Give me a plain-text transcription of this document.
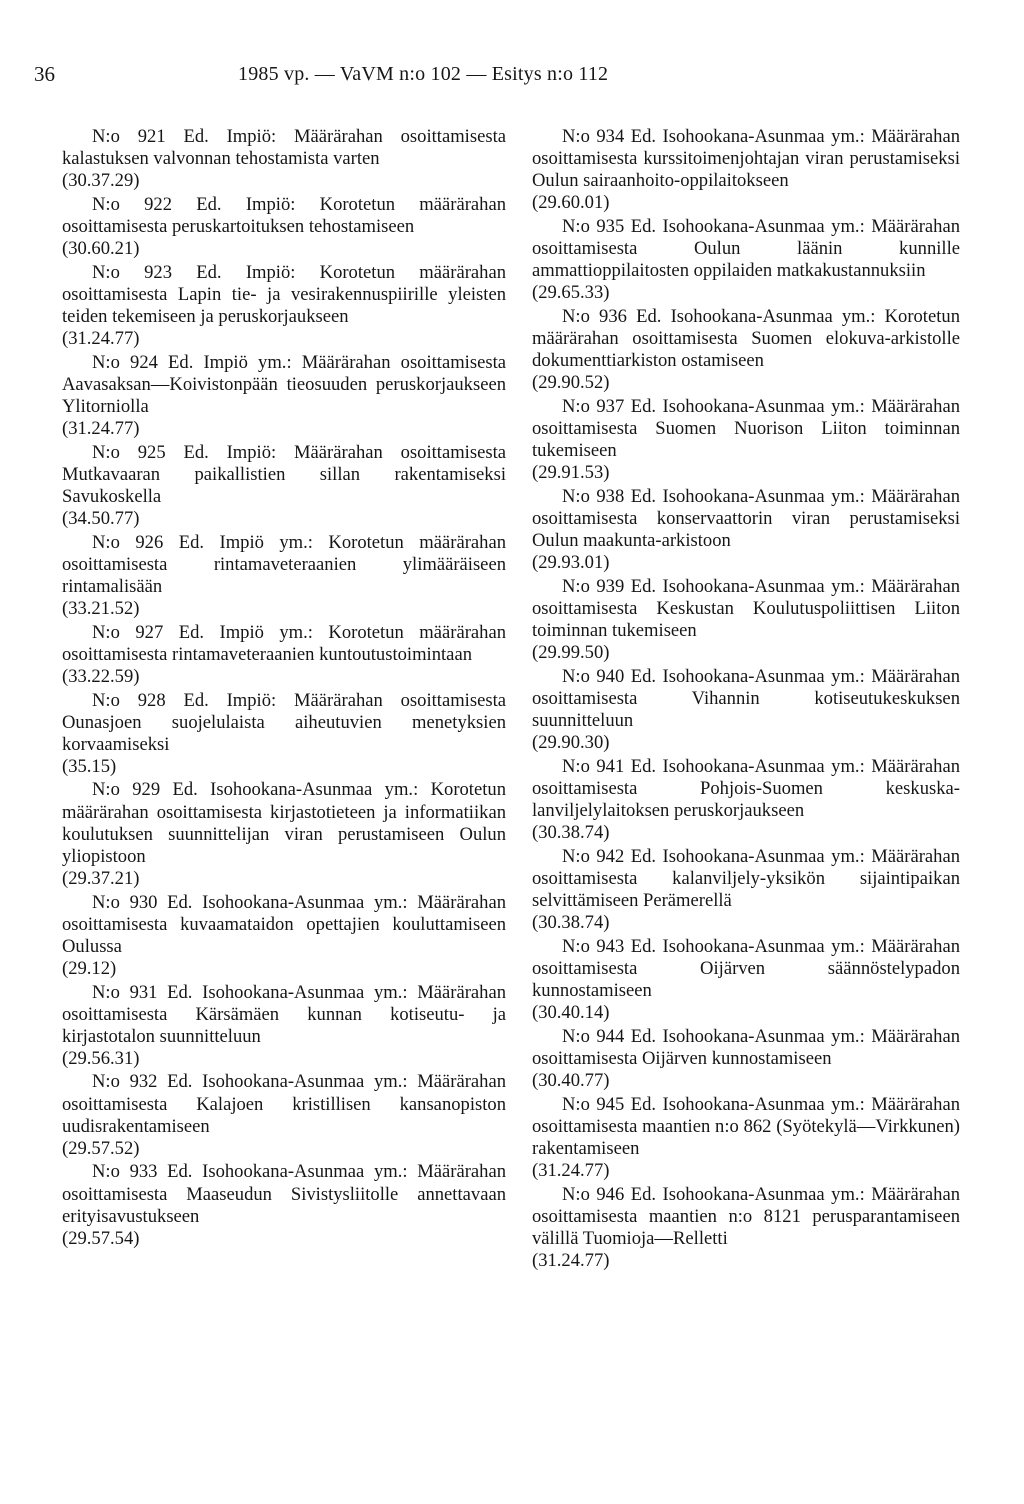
36	1985 vp. — VaVM n:o 102 — Esitys n:o 112

N:o 921 Ed. Impiö: Määrärahan osoittamisesta kalastuksen valvonnan tehostamista varten
(30.37.29)

N:o 922 Ed. Impiö: Korotetun määrärahan osoittamisesta peruskartoituksen tehostamiseen
(30.60.21)

N:o 923 Ed. Impiö: Korotetun määrärahan osoittamisesta Lapin tie- ja vesirakennuspiirille yleisten teiden tekemiseen ja peruskorjaukseen
(31.24.77)

N:o 924 Ed. Impiö ym.: Määrärahan osoittamisesta Aavasaksan—Koivistonpään tieosuuden peruskorjaukseen Ylitorniolla
(31.24.77)

N:o 925 Ed. Impiö: Määrärahan osoittamisesta Mutkavaaran paikallistien sillan rakentamiseksi Savukoskella
(34.50.77)

N:o 926 Ed. Impiö ym.: Korotetun määrärahan osoittamisesta rintamaveteraanien ylimääräiseen rintamalisään
(33.21.52)

N:o 927 Ed. Impiö ym.: Korotetun määrärahan osoittamisesta rintamaveteraanien kuntoutustoimintaan
(33.22.59)

N:o 928 Ed. Impiö: Määrärahan osoittamisesta Ounasjoen suojelulaista aiheutuvien menetyksien korvaamiseksi
(35.15)

N:o 929 Ed. Isohookana-Asunmaa ym.: Korotetun määrärahan osoittamisesta kirjastotieteen ja informatiikan koulutuksen suunnittelijan viran perustamiseen Oulun yliopistoon
(29.37.21)

N:o 930 Ed. Isohookana-Asunmaa ym.: Määrärahan osoittamisesta kuvaamataidon opettajien kouluttamiseen Oulussa
(29.12)

N:o 931 Ed. Isohookana-Asunmaa ym.: Määrärahan osoittamisesta Kärsämäen kunnan kotiseutu- ja kirjastotalon suunnitteluun
(29.56.31)

N:o 932 Ed. Isohookana-Asunmaa ym.: Määrärahan osoittamisesta Kalajoen kristillisen kansanopiston uudisrakentamiseen
(29.57.52)

N:o 933 Ed. Isohookana-Asunmaa ym.: Määrärahan osoittamisesta Maaseudun Sivistysliitolle annettavaan erityisavustukseen
(29.57.54)

N:o 934 Ed. Isohookana-Asunmaa ym.: Määrärahan osoittamisesta kurssitoimenjohtajan viran perustamiseksi Oulun sairaanhoito-oppilaitokseen
(29.60.01)

N:o 935 Ed. Isohookana-Asunmaa ym.: Määrärahan osoittamisesta Oulun läänin kunnille ammattioppilaitosten oppilaiden matkakustannuksiin
(29.65.33)

N:o 936 Ed. Isohookana-Asunmaa ym.: Korotetun määrärahan osoittamisesta Suomen elokuva-arkistolle dokumenttiarkiston ostamiseen
(29.90.52)

N:o 937 Ed. Isohookana-Asunmaa ym.: Määrärahan osoittamisesta Suomen Nuorison Liiton toiminnan tukemiseen
(29.91.53)

N:o 938 Ed. Isohookana-Asunmaa ym.: Määrärahan osoittamisesta konservaattorin viran perustamiseksi Oulun maakunta-arkistoon
(29.93.01)

N:o 939 Ed. Isohookana-Asunmaa ym.: Määrärahan osoittamisesta Keskustan Koulutuspoliittisen Liiton toiminnan tukemiseen
(29.99.50)

N:o 940 Ed. Isohookana-Asunmaa ym.: Määrärahan osoittamisesta Vihannin kotiseutukeskuksen suunnitteluun
(29.90.30)

N:o 941 Ed. Isohookana-Asunmaa ym.: Määrärahan osoittamisesta Pohjois-Suomen keskuskalanviljelylaitoksen peruskorjaukseen
(30.38.74)

N:o 942 Ed. Isohookana-Asunmaa ym.: Määrärahan osoittamisesta kalanviljely-yksikön sijaintipaikan selvittämiseen Perämerellä
(30.38.74)

N:o 943 Ed. Isohookana-Asunmaa ym.: Määrärahan osoittamisesta Oijärven säännöstelypadon kunnostamiseen
(30.40.14)

N:o 944 Ed. Isohookana-Asunmaa ym.: Määrärahan osoittamisesta Oijärven kunnostamiseen
(30.40.77)

N:o 945 Ed. Isohookana-Asunmaa ym.: Määrärahan osoittamisesta maantien n:o 862 (Syötekylä—Virkkunen) rakentamiseen
(31.24.77)

N:o 946 Ed. Isohookana-Asunmaa ym.: Määrärahan osoittamisesta maantien n:o 8121 perusparantamiseen välillä Tuomioja—Relletti
(31.24.77)
